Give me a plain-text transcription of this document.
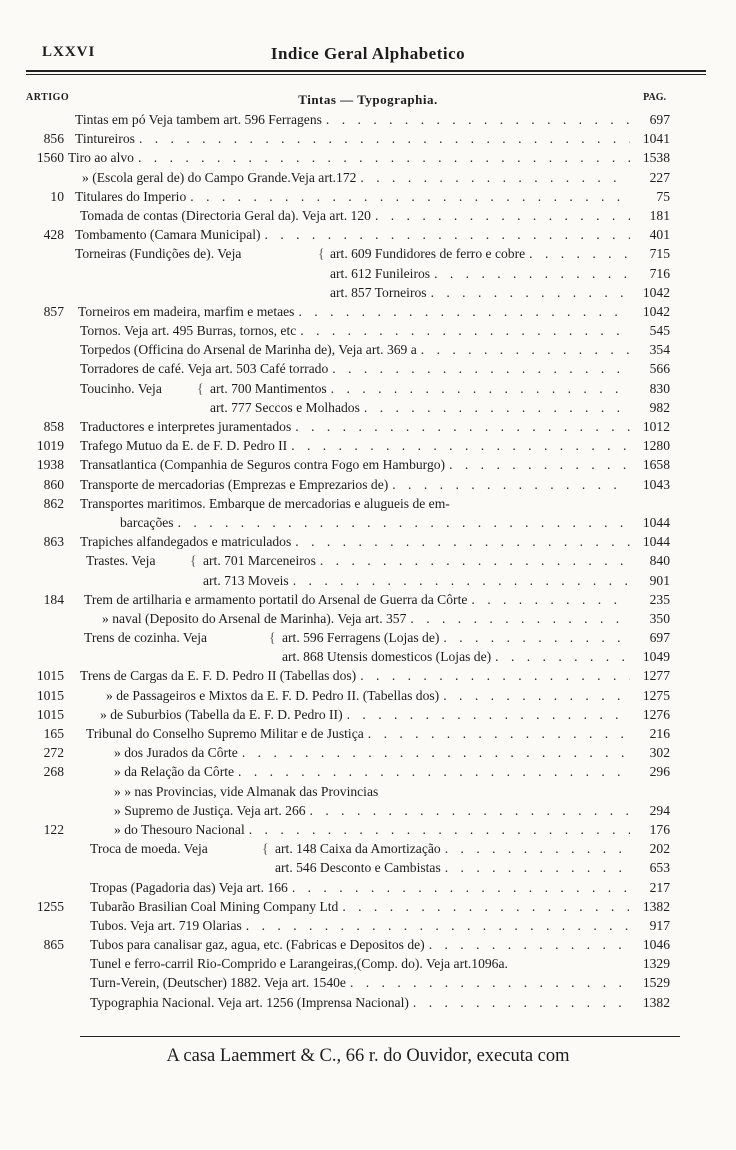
LXXVI	Indice Geral Alphabetico
ARTIGO	Tintas — Typographia.	PAG.
Tintas em pó Veja tambem art. 596 Ferragens . . .	697
856 Tintureiros . . .	1041
1560 Tiro ao alvo . . .	1538
» (Escola geral de) do Campo Grande.Veja art.172 . . .	227
10 Titulares do Imperio . . .	75
Tomada de contas (Directoria Geral da). Veja art. 120 . . .	181
428 Tombamento (Camara Municipal) . . .	401
Torneiras (Fundições de). Veja	{ art. 609 Fundidores de ferro e cobre . . .	715
art. 612 Funileiros . . .	716
art. 857 Torneiros . . .	1042
857 Torneiros em madeira, marfim e metaes . . .	1042
Tornos. Veja art. 495 Burras, tornos, etc . . .	545
Torpedos (Officina do Arsenal de Marinha de), Veja art. 369 a . . .	354
Torradores de café. Veja art. 503 Café torrado . . .	566
Toucinho. Veja	{ art. 700 Mantimentos . . .	830
art. 777 Seccos e Molhados . . .	982
858 Traductores e interpretes juramentados . . .	1012
1019 Trafego Mutuo da E. de F. D. Pedro II . . .	1280
1938 Transatlantica (Companhia de Seguros contra Fogo em Hamburgo) . . .	1658
860 Transporte de mercadorias (Emprezas e Emprezarios de) . . .	1043
862 Transportes maritimos. Embarque de mercadorias e alugueis de em-
barcações . . .	1044
863 Trapiches alfandegados e matriculados . . .	1044
Trastes. Veja	{ art. 701 Marceneiros . . .	840
art. 713 Moveis . . .	901
184 Trem de artilharia e armamento portatil do Arsenal de Guerra da Côrte . . .	235
» naval (Deposito do Arsenal de Marinha). Veja art. 357 . . .	350
Trens de cozinha. Veja	{ art. 596 Ferragens (Lojas de) . . .	697
art. 868 Utensis domesticos (Lojas de) . . .	1049
1015 Trens de Cargas da E. F. D. Pedro II (Tabellas dos) . . .	1277
1015	» de Passageiros e Mixtos da E. F. D. Pedro II. (Tabellas dos) . . .	1275
1015	» de Suburbios (Tabella da E. F. D. Pedro II) . . .	1276
165 Tribunal do Conselho Supremo Militar e de Justiça . . .	216
272	» dos Jurados da Côrte . . .	302
268	» da Relação da Côrte . . .	296
» » nas Provincias, vide Almanak das Provincias
» Supremo de Justiça. Veja art. 266 . . .	294
122	» do Thesouro Nacional . . .	176
Troca de moeda. Veja	{ art. 148 Caixa da Amortização . . .	202
art. 546 Desconto e Cambistas . . .	653
Tropas (Pagadoria das) Veja art. 166 . . .	217
1255 Tubarão Brasilian Coal Mining Company Ltd . . .	1382
Tubos. Veja art. 719 Olarias . . .	917
865 Tubos para canalisar gaz, agua, etc. (Fabricas e Depositos de) . . .	1046
Tunel e ferro-carril Rio-Comprido e Larangeiras,(Comp. do). Veja art.1096a.	1329
Turn-Verein, (Deutscher) 1882. Veja art. 1540e . . .	1529
Typographia Nacional. Veja art. 1256 (Imprensa Nacional) . . .	1382
A casa Laemmert & C., 66 r. do Ouvidor, executa com
